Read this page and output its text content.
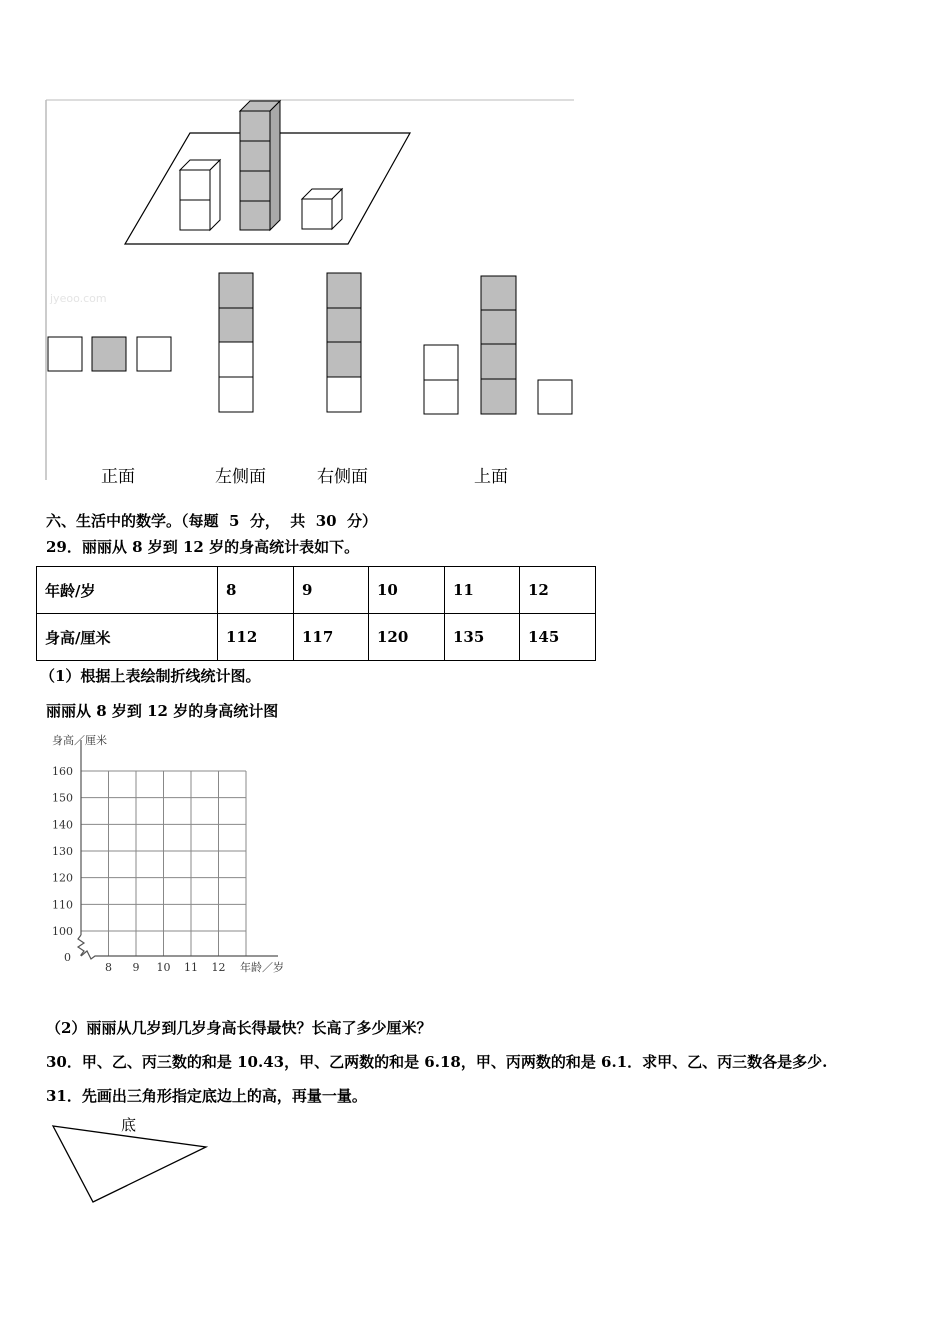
jyeoo.com
正面	左侧面	右侧面	上面
六、生活中的数学。（每题  5  分，  共  30  分）
29．丽丽从 8 岁到 12 岁的身高统计表如下。
年龄/岁	8	9	10	11	12
身高/厘米	112	117	120	135	145
（1）根据上表绘制折线统计图。
丽丽从 8 岁到 12 岁的身高统计图
100
110
120
130
140
150
160
8 9 10 11 12
0
身高／厘米
年龄／岁
（2）丽丽从几岁到几岁身高长得最快？长高了多少厘米？
30．甲、乙、丙三数的和是 10.43，甲、乙两数的和是 6.18，甲、丙两数的和是 6.1．求甲、乙、丙三数各是多少.
31．先画出三角形指定底边上的高，再量一量。
底
